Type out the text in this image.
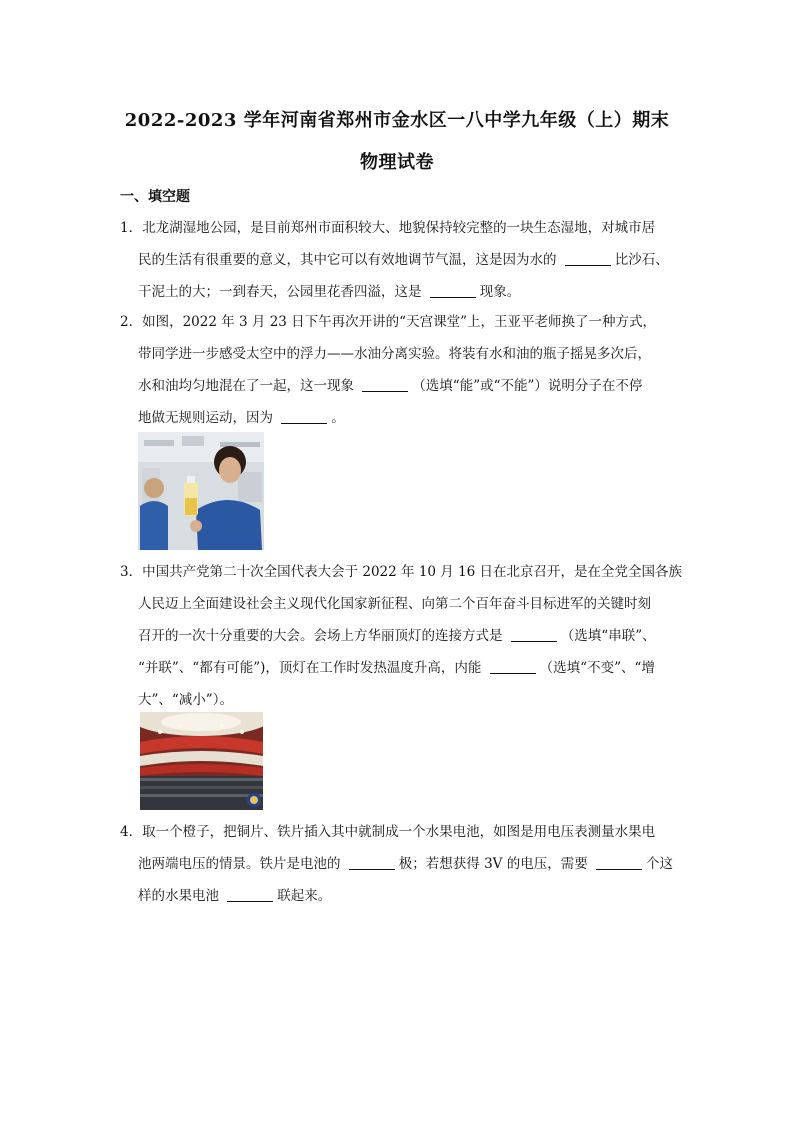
2022-2023 学年河南省郑州市金水区一八中学九年级（上）期末
物理试卷
一、填空题
1．北龙湖湿地公园，是目前郑州市面积较大、地貌保持较完整的一块生态湿地，对城市居
民的生活有很重要的意义，其中它可以有效地调节气温，这是因为水的	比沙石、
干泥土的大；一到春天，公园里花香四溢，这是	现象。
2．如图，2022 年 3 月 23 日下午再次开讲的“天宫课堂”上，王亚平老师换了一种方式，
带同学进一步感受太空中的浮力——水油分离实验。将装有水和油的瓶子摇晃多次后，
水和油均匀地混在了一起，这一现象	（选填“能”或“不能”）说明分子在不停
地做无规则运动，因为	。
3．中国共产党第二十次全国代表大会于 2022 年 10 月 16 日在北京召开，是在全党全国各族
人民迈上全面建设社会主义现代化国家新征程、向第二个百年奋斗目标进军的关键时刻
召开的一次十分重要的大会。会场上方华丽顶灯的连接方式是	（选填“串联”、
“并联”、“都有可能”)，顶灯在工作时发热温度升高，内能	（选填“不变”、“增
大”、“减小”）。
4．取一个橙子，把铜片、铁片插入其中就制成一个水果电池，如图是用电压表测量水果电
池两端电压的情景。铁片是电池的	极；若想获得 3V 的电压，需要	个这
样的水果电池	联起来。
